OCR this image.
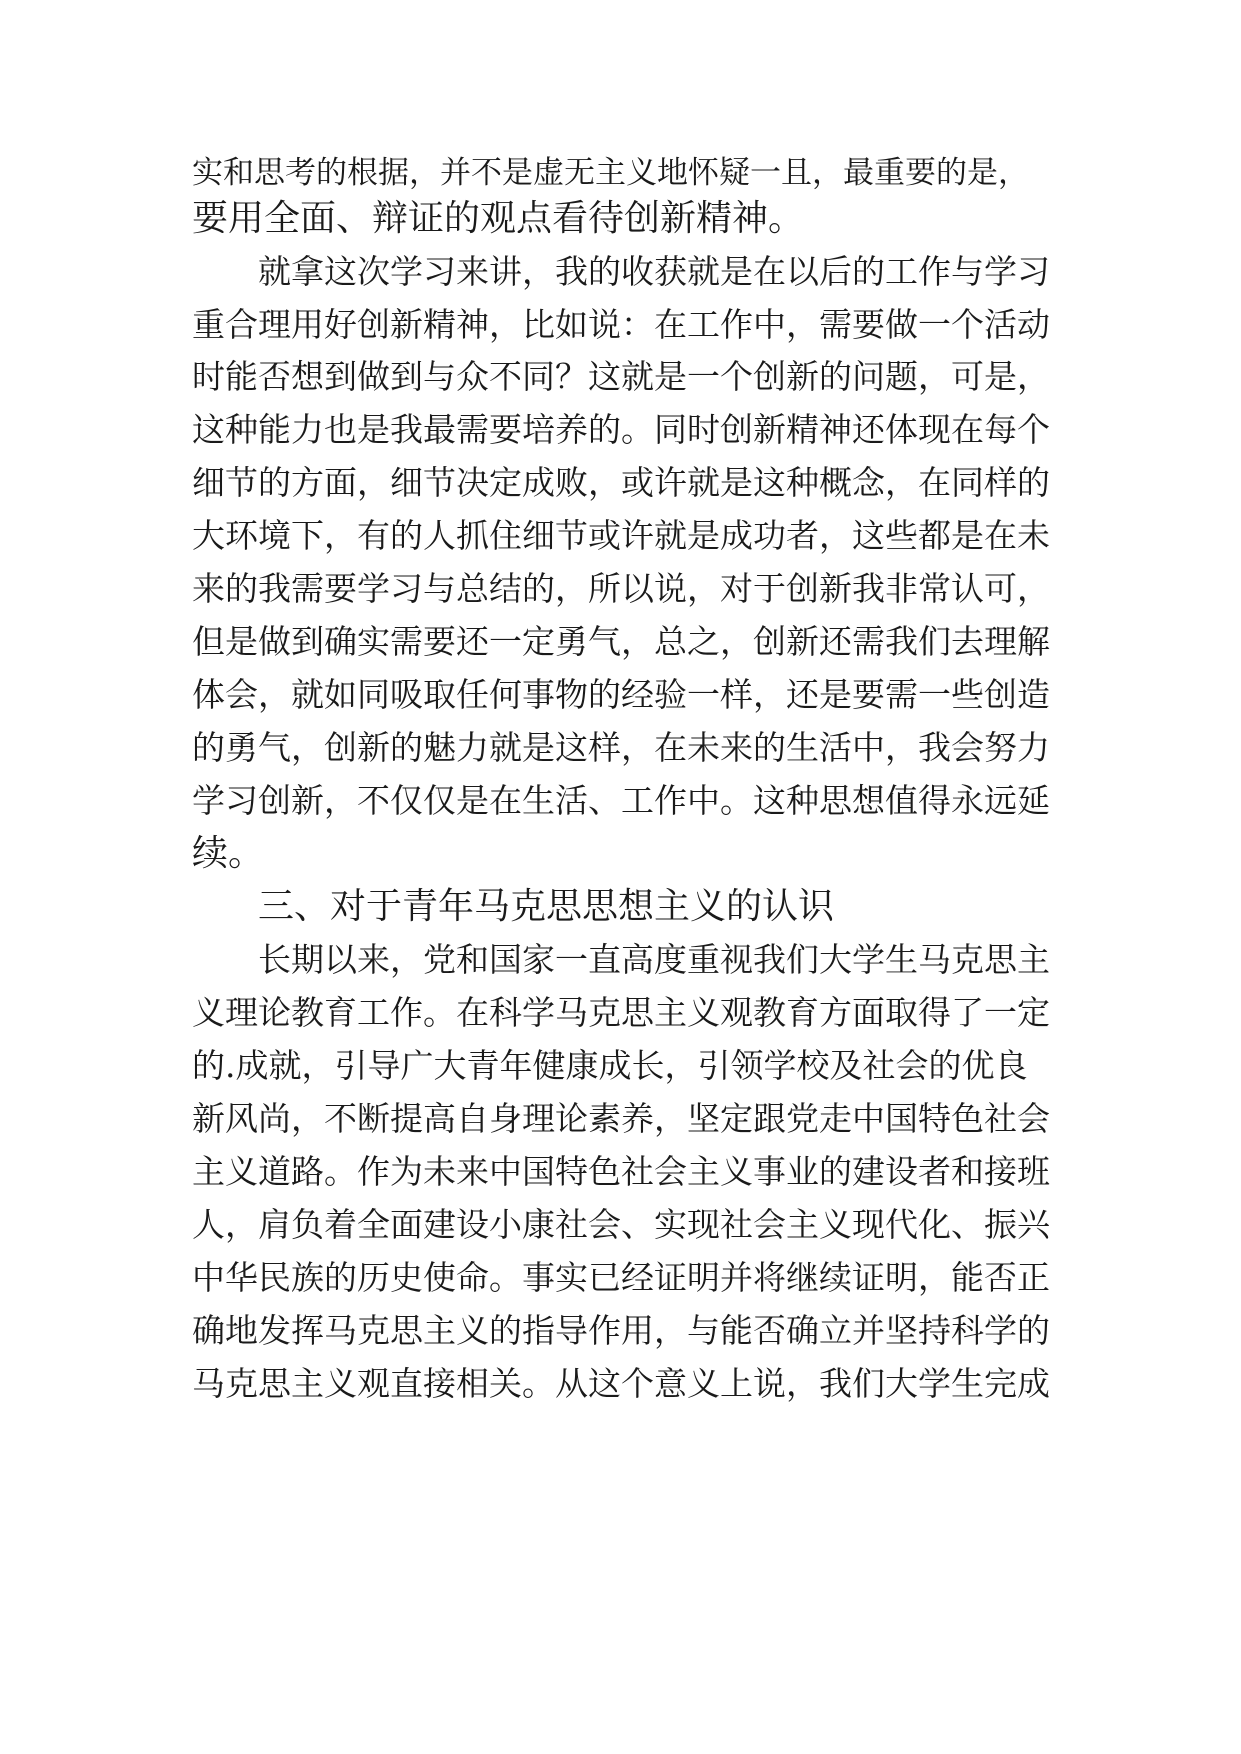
实和思考的根据，并不是虚无主义地怀疑一且，最重要的是，

要用全面、辩证的观点看待创新精神。

就拿这次学习来讲，我的收获就是在以后的工作与学习

重合理用好创新精神，比如说：在工作中，需要做一个活动

时能否想到做到与众不同？这就是一个创新的问题，可是，

这种能力也是我最需要培养的。同时创新精神还体现在每个

细节的方面，细节决定成败，或许就是这种概念，在同样的

大环境下，有的人抓住细节或许就是成功者，这些都是在未

来的我需要学习与总结的，所以说，对于创新我非常认可，

但是做到确实需要还一定勇气，总之，创新还需我们去理解

体会，就如同吸取任何事物的经验一样，还是要需一些创造

的勇气，创新的魅力就是这样，在未来的生活中，我会努力

学习创新，不仅仅是在生活、工作中。这种思想值得永远延

续。

三、对于青年马克思思想主义的认识

长期以来，党和国家一直高度重视我们大学生马克思主

义理论教育工作。在科学马克思主义观教育方面取得了一定

的.成就，引导广大青年健康成长，引领学校及社会的优良

新风尚，不断提高自身理论素养，坚定跟党走中国特色社会

主义道路。作为未来中国特色社会主义事业的建设者和接班

人，肩负着全面建设小康社会、实现社会主义现代化、振兴

中华民族的历史使命。事实已经证明并将继续证明，能否正

确地发挥马克思主义的指导作用，与能否确立并坚持科学的

马克思主义观直接相关。从这个意义上说，我们大学生完成
